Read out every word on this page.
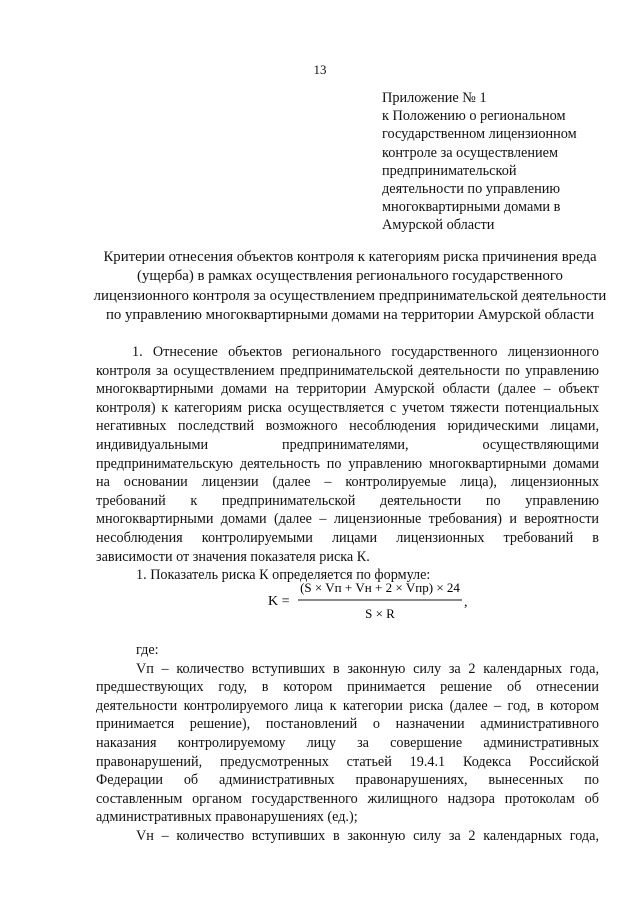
13
Приложение № 1
к Положению о региональном
государственном лицензионном
контроле за осуществлением
предпринимательской
деятельности по управлению
многоквартирными домами в
Амурской области
Критерии отнесения объектов контроля к категориям риска причинения вреда
(ущерба) в рамках осуществления регионального государственного
лицензионного контроля за осуществлением предпринимательской деятельности
по управлению многоквартирными домами на территории Амурской области
1. Отнесение объектов регионального государственного лицензионного
контроля за осуществлением предпринимательской деятельности по управлению
многоквартирными домами на территории Амурской области (далее – объект
контроля) к категориям риска осуществляется с учетом тяжести потенциальных
негативных последствий возможного несоблюдения юридическими лицами,
индивидуальными предпринимателями, осуществляющими
предпринимательскую деятельность по управлению многоквартирными домами
на основании лицензии (далее – контролируемые лица), лицензионных
требований к предпринимательской деятельности по управлению
многоквартирными домами (далее – лицензионные требования) и вероятности
несоблюдения контролируемыми лицами лицензионных требований в
зависимости от значения показателя риска К.
1. Показатель риска К определяется по формуле:
K =
(S × Vп + Vн + 2 × Vпр) × 24
S × R
,
где:
Vп – количество вступивших в законную силу за 2 календарных года,
предшествующих году, в котором принимается решение об отнесении
деятельности контролируемого лица к категории риска (далее – год, в котором
принимается решение), постановлений о назначении административного
наказания контролируемому лицу за совершение административных
правонарушений, предусмотренных статьей 19.4.1 Кодекса Российской
Федерации об административных правонарушениях, вынесенных по
составленным органом государственного жилищного надзора протоколам об
административных правонарушениях (ед.);
Vн – количество вступивших в законную силу за 2 календарных года,
